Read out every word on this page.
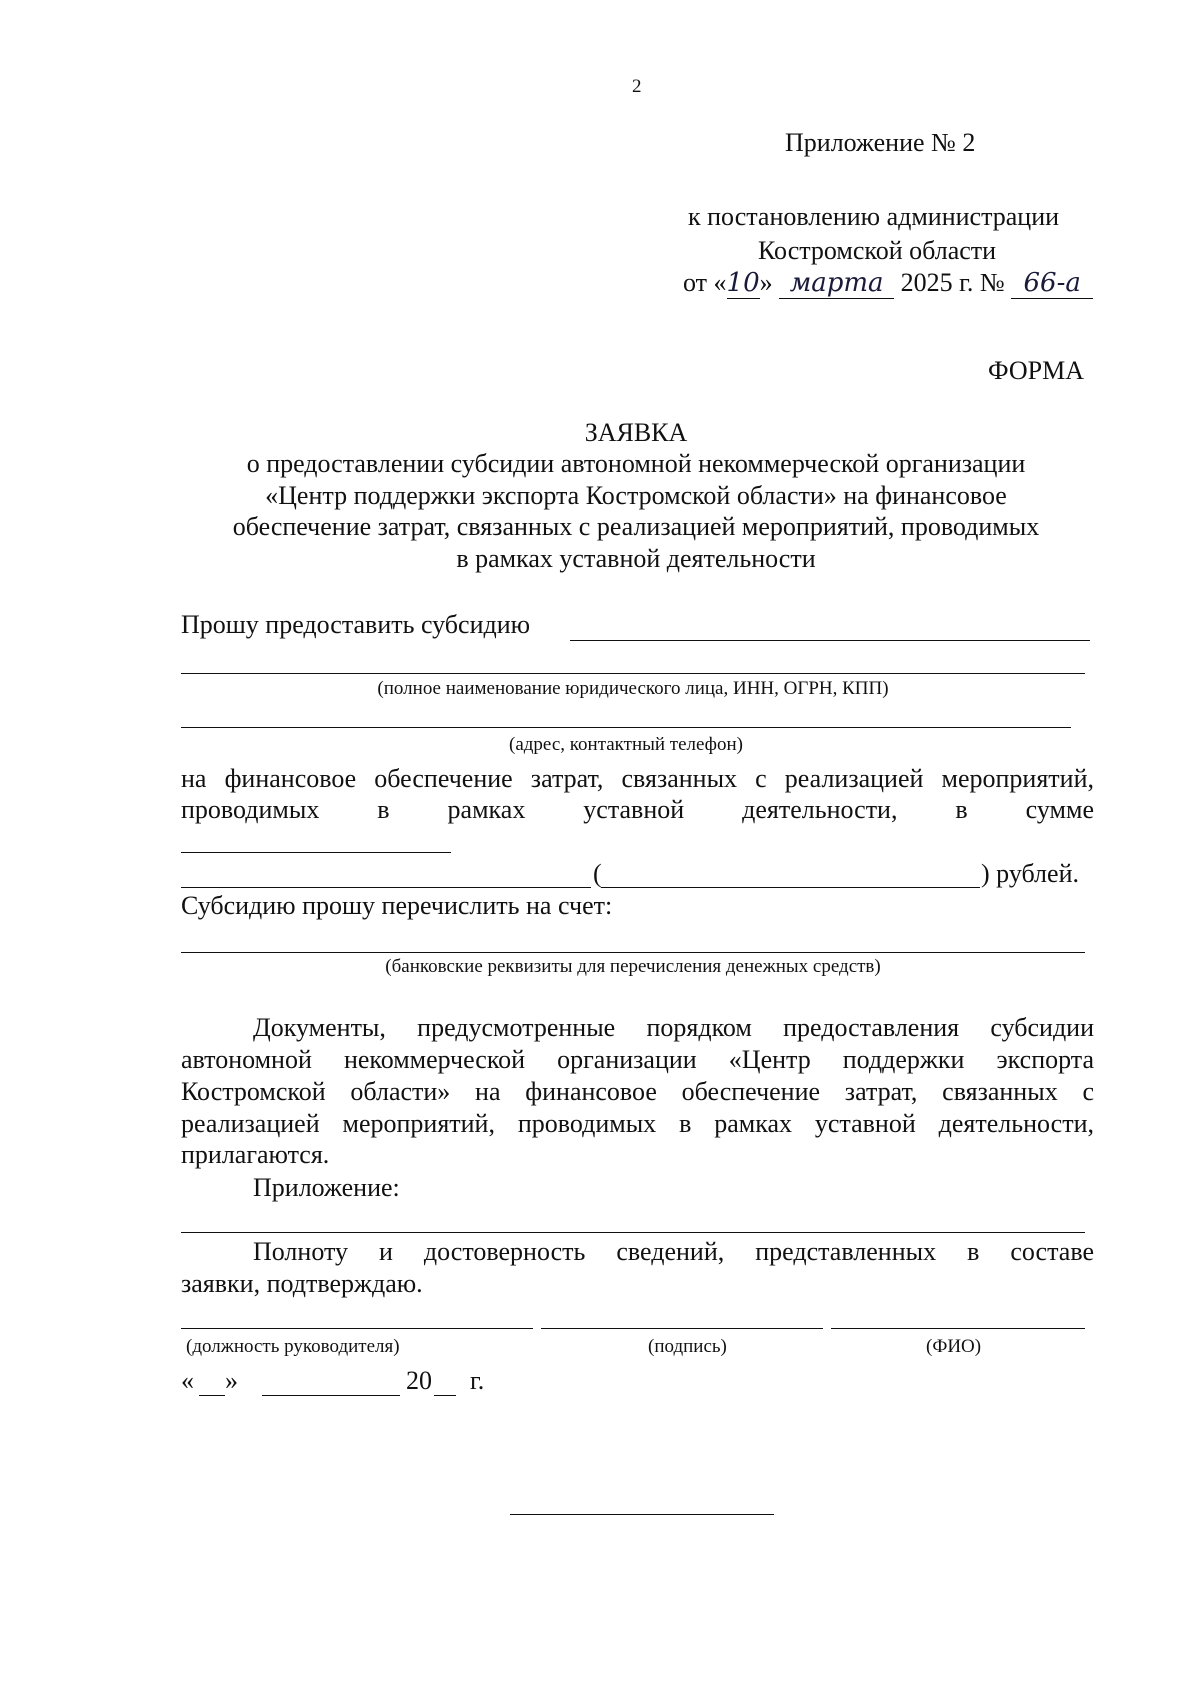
2

Приложение № 2

к постановлению администрации

Костромской области

от «10» марта 2025 г. № 66-а

ФОРМА

ЗАЯВКА

о предоставлении субсидии автономной некоммерческой организации

«Центр поддержки экспорта Костромской области» на финансовое

обеспечение затрат, связанных с реализацией мероприятий, проводимых

в рамках уставной деятельности

Прошу предоставить субсидию

(полное наименование юридического лица, ИНН, ОГРН, КПП)

(адрес, контактный телефон)

на финансовое обеспечение затрат, связанных с реализацией мероприятий,

проводимых в рамках уставной деятельности, в сумме

(	) рублей.

Субсидию прошу перечислить на счет:

(банковские реквизиты для перечисления денежных средств)

Документы, предусмотренные порядком предоставления субсидии

автономной некоммерческой организации «Центр поддержки экспорта

Костромской области» на финансовое обеспечение затрат, связанных с

реализацией мероприятий, проводимых в рамках уставной деятельности,

прилагаются.

Приложение:

Полноту и достоверность сведений, представленных в составе

заявки, подтверждаю.

(должность руководителя)	(подпись)	(ФИО)

« »	20 г.
